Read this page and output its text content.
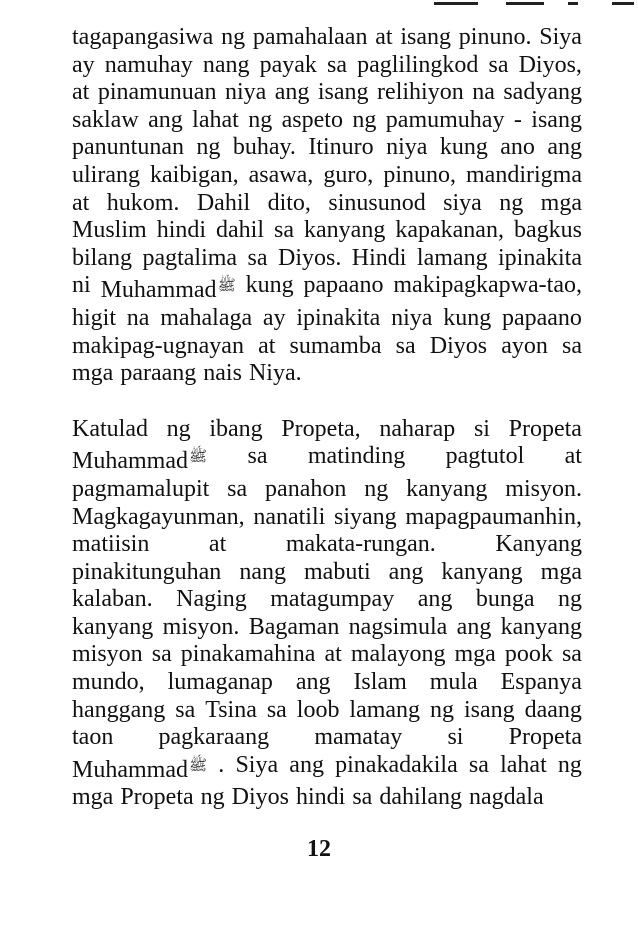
tagapangasiwa ng pamahalaan at isang pinuno. Siya
ay namuhay nang payak sa paglilingkod sa Diyos,
at pinamunuan niya ang isang relihiyon na sadyang
saklaw ang lahat ng aspeto ng pamumuhay - isang
panuntunan ng buhay. Itinuro niya kung ano ang
ulirang kaibigan, asawa, guro, pinuno, mandirigma
at hukom. Dahil dito, sinusunod siya ng mga
Muslim hindi dahil sa kanyang kapakanan, bagkus
bilang pagtalima sa Diyos. Hindi lamang ipinakita
ni Muhammad$^ﷺ$ kung papaano makipagkapwa-tao,
higit na mahalaga ay ipinakita niya kung papaano
makipag-ugnayan at sumamba sa Diyos ayon sa
mga paraang nais Niya.
Katulad ng ibang Propeta, naharap si Propeta
Muhammad$^ﷺ$ sa matinding pagtutol at
pagmamalupit sa panahon ng kanyang misyon.
Magkagayunman, nanatili siyang mapagpaumanhin,
matiisin at makata-rungan. Kanyang
pinakitunguhan nang mabuti ang kanyang mga
kalaban. Naging matagumpay ang bunga ng
kanyang misyon. Bagaman nagsimula ang kanyang
misyon sa pinakamahina at malayong mga pook sa
mundo, lumaganap ang Islam mula Espanya
hanggang sa Tsina sa loob lamang ng isang daang
taon pagkaraang mamatay si Propeta
Muhammad$^ﷺ$ . Siya ang pinakadakila sa lahat ng
mga Propeta ng Diyos hindi sa dahilang nagdala
12
